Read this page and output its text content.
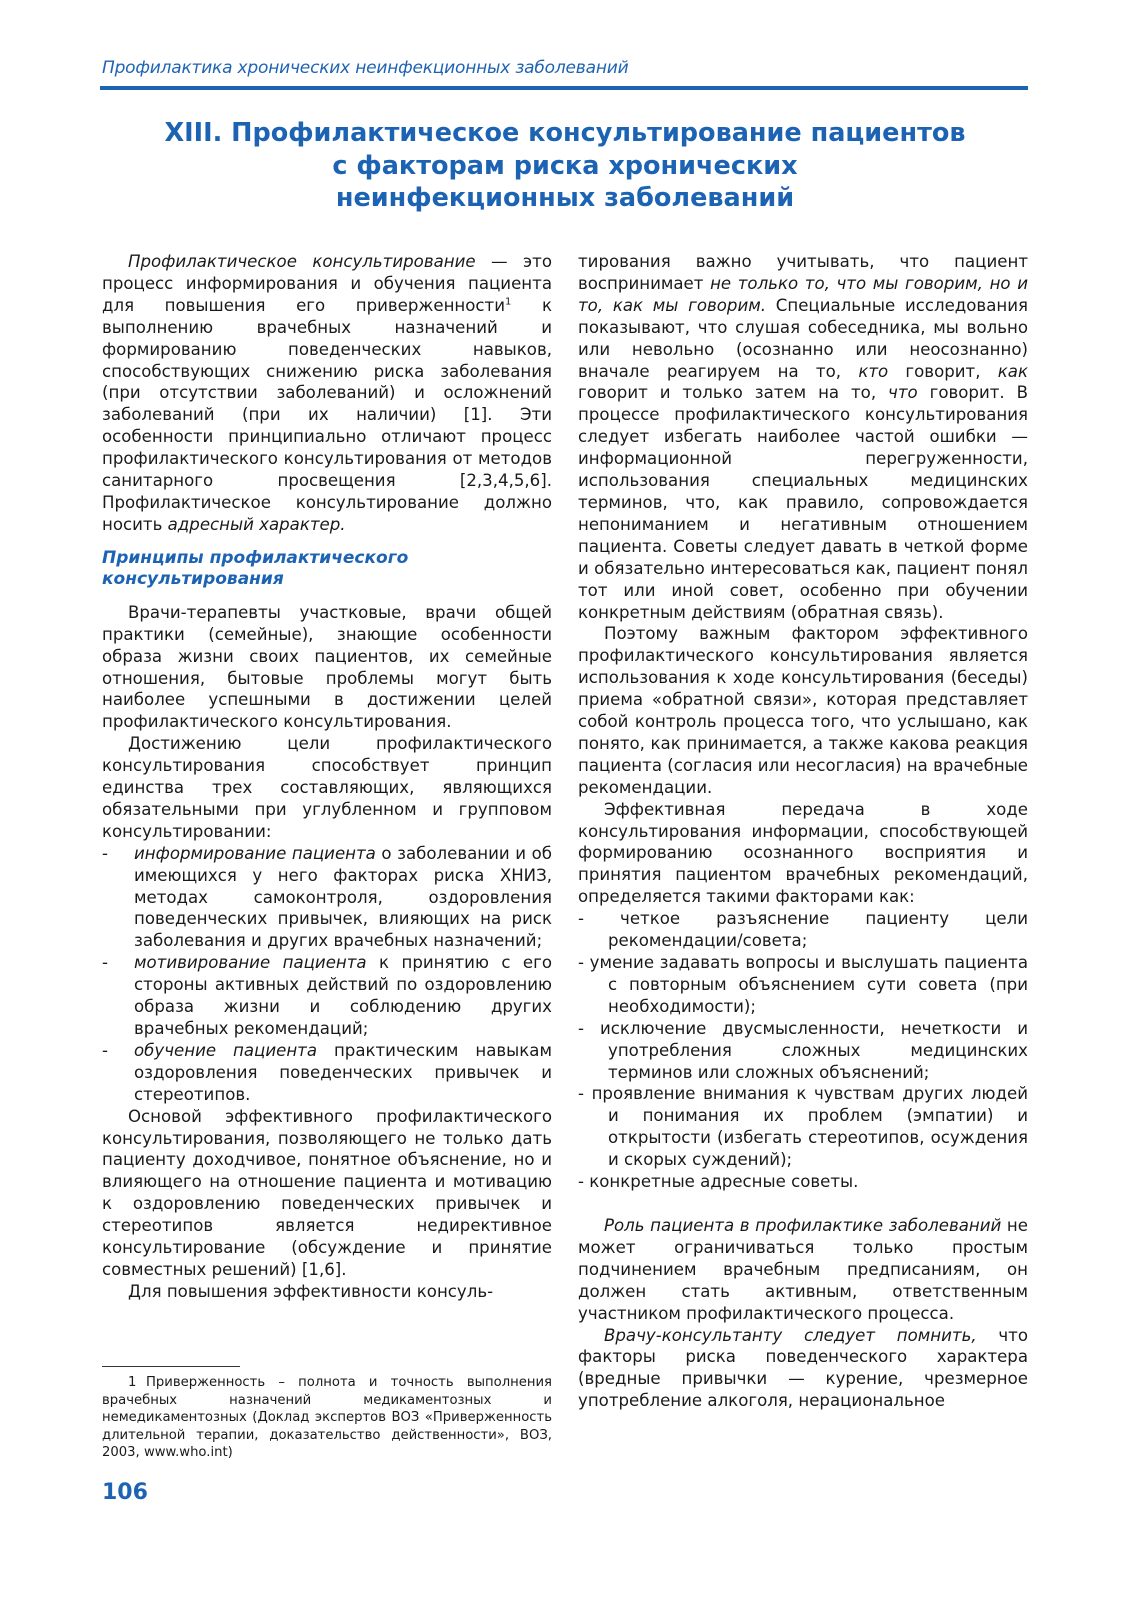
Профилактика хронических неинфекционных заболеваний
XIII. Профилактическое консультирование пациентов
с факторам риска хронических
неинфекционных заболеваний

Профилактическое консультирование — это процесс информирования и обучения пациента для повышения его приверженности$^1$ к выполнению врачебных назначений и формированию поведенческих навыков, способствующих снижению риска заболевания (при отсутствии заболеваний) и осложнений заболеваний (при их наличии) [1]. Эти особенности принципиально отличают процесс профилактического консультирования от методов санитарного просвещения [2,3,4,5,6]. Профилактическое консультирование должно носить адресный характер.

Принципы профилактического
консультирования

Врачи-терапевты участковые, врачи общей практики (семейные), знающие особенности образа жизни своих пациентов, их семейные отношения, бытовые проблемы могут быть наиболее успешными в достижении целей профилактического консультирования.

Достижению цели профилактического консультирования способствует принцип единства трех составляющих, являющихся обязательными при углубленном и групповом консультировании:

- информирование пациента о заболевании и об имеющихся у него факторах риска ХНИЗ, методах самоконтроля, оздоровления поведенческих привычек, влияющих на риск заболевания и других врачебных назначений;
- мотивирование пациента к принятию с его стороны активных действий по оздоровлению образа жизни и соблюдению других врачебных рекомендаций;
- обучение пациента практическим навыкам оздоровления поведенческих привычек и стереотипов.

Основой эффективного профилактического консультирования, позволяющего не только дать пациенту доходчивое, понятное объяснение, но и влияющего на отношение пациента и мотивацию к оздоровлению поведенческих привычек и стереотипов является недирективное консультирование (обсуждение и принятие совместных решений) [1,6].

Для повышения эффективности консуль-

тирования важно учитывать, что пациент воспринимает не только то, что мы говорим, но и то, как мы говорим. Специальные исследования показывают, что слушая собеседника, мы вольно или невольно (осознанно или неосознанно) вначале реагируем на то, кто говорит, как говорит и только затем на то, что говорит. В процессе профилактического консультирования следует избегать наиболее частой ошибки — информационной перегруженности, использования специальных медицинских терминов, что, как правило, сопровождается непониманием и негативным отношением пациента. Советы следует давать в четкой форме и обязательно интересоваться как, пациент понял тот или иной совет, особенно при обучении конкретным действиям (обратная связь).

Поэтому важным фактором эффективного профилактического консультирования является использования к ходе консультирования (беседы) приема «обратной связи», которая представляет собой контроль процесса того, что услышано, как понято, как принимается, а также какова реакция пациента (согласия или несогласия) на врачебные рекомендации.

Эффективная передача в ходе консультирования информации, способствующей формированию осознанного восприятия и принятия пациентом врачебных рекомендаций, определяется такими факторами как:

- четкое разъяснение пациенту цели рекомендации/совета;
- умение задавать вопросы и выслушать пациента с повторным объяснением сути совета (при необходимости);
- исключение двусмысленности, нечеткости и употребления сложных медицинских терминов или сложных объяснений;
- проявление внимания к чувствам других людей и понимания их проблем (эмпатии) и открытости (избегать стереотипов, осуждения и скорых суждений);
- конкретные адресные советы.

Роль пациента в профилактике заболеваний не может ограничиваться только простым подчинением врачебным предписаниям, он должен стать активным, ответственным участником профилактического процесса.

Врачу-консультанту следует помнить, что факторы риска поведенческого характера (вредные привычки — курение, чрезмерное употребление алкоголя, нерациональное

1 Приверженность – полнота и точность выполнения врачебных назначений медикаментозных и немедикаментозных (Доклад экспертов ВОЗ «Приверженность длительной терапии, доказательство действенности», ВОЗ, 2003, www.who.int)

106
